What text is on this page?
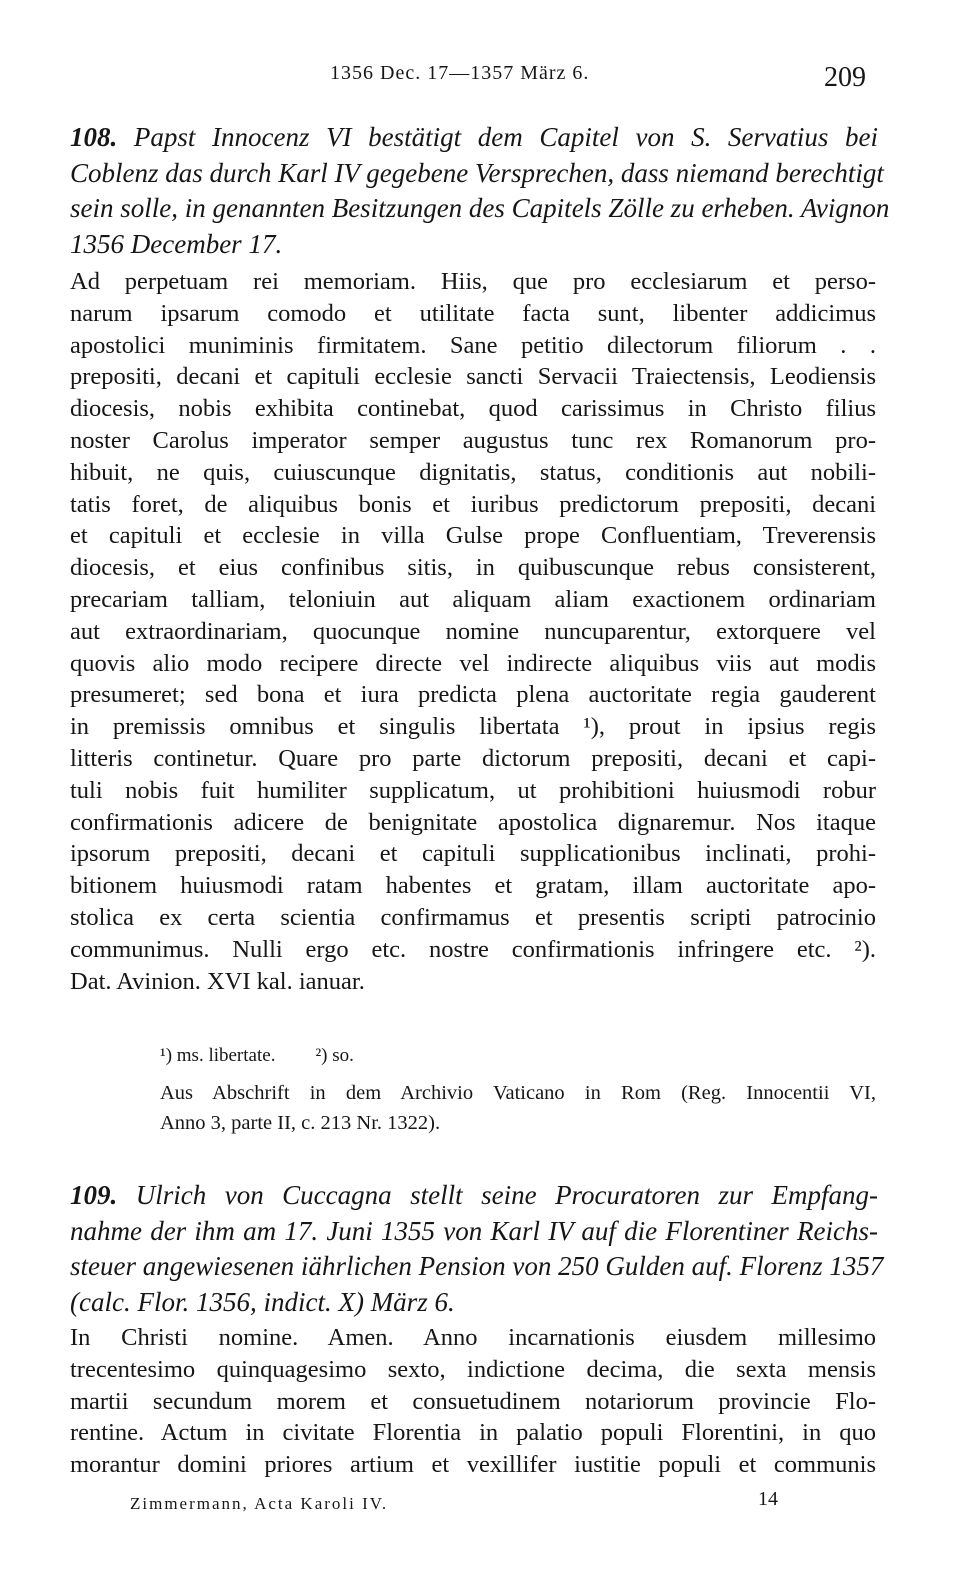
1356 Dec. 17—1357 März 6.	209
108. Papst Innocenz VI bestätigt dem Capitel von S. Servatius bei
Coblenz das durch Karl IV gegebene Versprechen, dass niemand berechtigt
sein solle, in genannten Besitzungen des Capitels Zölle zu erheben. Avignon
1356 December 17.
Ad perpetuam rei memoriam. Hiis, que pro ecclesiarum et perso-
narum ipsarum comodo et utilitate facta sunt, libenter addicimus
apostolici muniminis firmitatem. Sane petitio dilectorum filiorum . .
prepositi, decani et capituli ecclesie sancti Servacii Traiectensis, Leodiensis
diocesis, nobis exhibita continebat, quod carissimus in Christo filius
noster Carolus imperator semper augustus tunc rex Romanorum pro-
hibuit, ne quis, cuiuscunque dignitatis, status, conditionis aut nobili-
tatis foret, de aliquibus bonis et iuribus predictorum prepositi, decani
et capituli et ecclesie in villa Gulse prope Confluentiam, Treverensis
diocesis, et eius confinibus sitis, in quibuscunque rebus consisterent,
precariam talliam, teloniuin aut aliquam aliam exactionem ordinariam
aut extraordinariam, quocunque nomine nuncuparentur, extorquere vel
quovis alio modo recipere directe vel indirecte aliquibus viis aut modis
presumeret; sed bona et iura predicta plena auctoritate regia gauderent
in premissis omnibus et singulis libertata ¹), prout in ipsius regis
litteris continetur. Quare pro parte dictorum prepositi, decani et capi-
tuli nobis fuit humiliter supplicatum, ut prohibitioni huiusmodi robur
confirmationis adicere de benignitate apostolica dignaremur. Nos itaque
ipsorum prepositi, decani et capituli supplicationibus inclinati, prohi-
bitionem huiusmodi ratam habentes et gratam, illam auctoritate apo-
stolica ex certa scientia confirmamus et presentis scripti patrocinio
communimus. Nulli ergo etc. nostre confirmationis infringere etc. ²).
Dat. Avinion. XVI kal. ianuar.
¹) ms. libertate. ²) so.
Aus Abschrift in dem Archivio Vaticano in Rom (Reg. Innocentii VI,
Anno 3, parte II, c. 213 Nr. 1322).
109. Ulrich von Cuccagna stellt seine Procuratoren zur Empfang-
nahme der ihm am 17. Juni 1355 von Karl IV auf die Florentiner Reichs-
steuer angewiesenen iährlichen Pension von 250 Gulden auf. Florenz 1357
(calc. Flor. 1356, indict. X) März 6.
In Christi nomine. Amen. Anno incarnationis eiusdem millesimo
trecentesimo quinquagesimo sexto, indictione decima, die sexta mensis
martii secundum morem et consuetudinem notariorum provincie Flo-
rentine. Actum in civitate Florentia in palatio populi Florentini, in quo
morantur domini priores artium et vexillifer iustitie populi et communis
Zimmermann, Acta Karoli IV.	14
